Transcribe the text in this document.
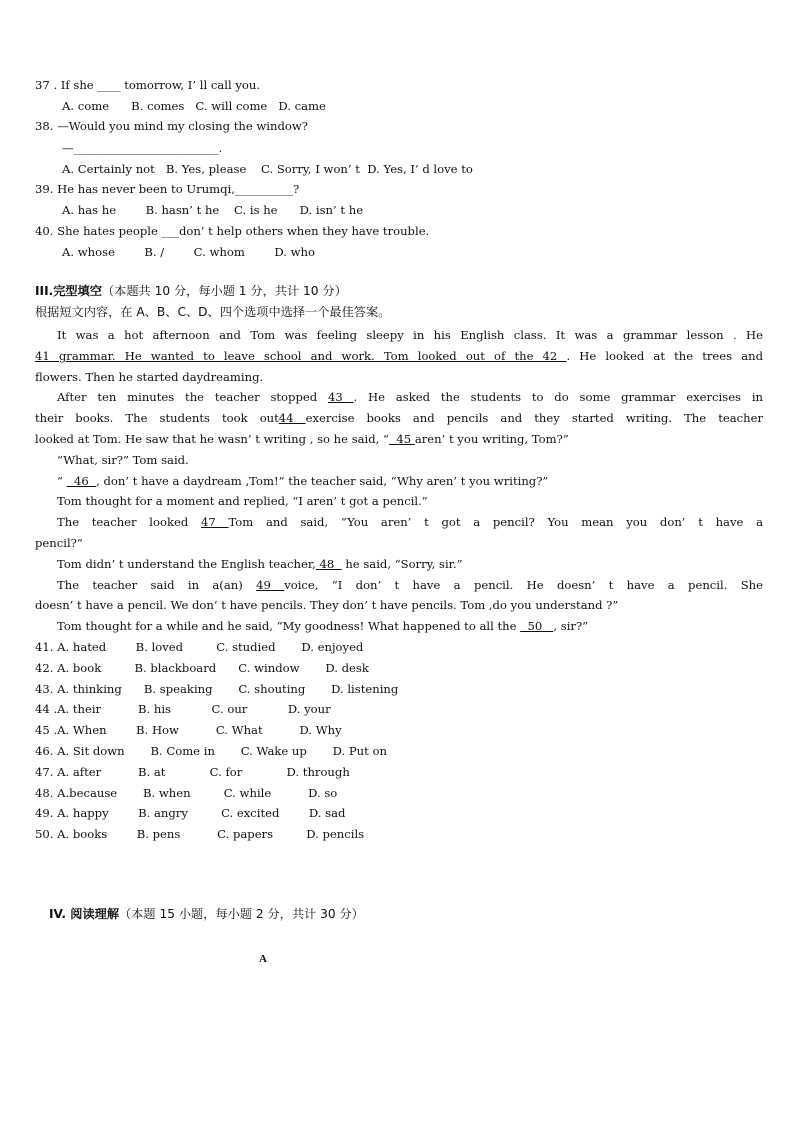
37 . If she ____ tomorrow, I’ ll call you.
A. come      B. comes   C. will come   D. came
38. —Would you mind my closing the window?
—_________________________.
A. Certainly not   B. Yes, please    C. Sorry, I won’ t  D. Yes, I’ d love to
39. He has never been to Urumqi,__________?
A. has he        B. hasn’ t he    C. is he      D. isn’ t he
40. She hates people ___don’ t help others when they have trouble.
A. whose        B. /        C. whom        D. who
III.完型填空（本题共 10 分，每小题 1 分，共计 10 分）
根据短文内容，在 A、B、C、D、四个选项中选择一个最佳答案。
It was a hot afternoon and Tom was feeling sleepy in his English class. It was a grammar lesson . He
41 grammar. He wanted to leave school and work. Tom looked out of the 42 . He looked at the trees and
flowers. Then he started daydreaming.
After ten minutes the teacher stopped 43 . He asked the students to do some grammar exercises in
their books. The students took out44 exercise books and pencils and they started writing. The teacher
looked at Tom. He saw that he wasn’ t writing , so he said, “  45 aren’ t you writing, Tom?”
“What, sir?” Tom said.
“   46  , don’ t have a daydream ,Tom!” the teacher said, “Why aren’ t you writing?”
Tom thought for a moment and replied, “I aren’ t got a pencil.”
The teacher looked 47 Tom and said, “You aren’ t got a pencil? You mean you don’ t have a
pencil?”
Tom didn’ t understand the English teacher, 48   he said, “Sorry, sir.”
The teacher said in a(an) 49 voice, “I don’ t have a pencil. He doesn’ t have a pencil. She
doesn’ t have a pencil. We don’ t have pencils. They don’ t have pencils. Tom ,do you understand ?”
Tom thought for a while and he said, “My goodness! What happened to all the   50   , sir?”
41. A. hated        B. loved         C. studied       D. enjoyed
42. A. book         B. blackboard      C. window       D. desk
43. A. thinking      B. speaking       C. shouting       D. listening
44 .A. their          B. his           C. our           D. your
45 .A. When        B. How          C. What          D. Why
46. A. Sit down       B. Come in       C. Wake up       D. Put on
47. A. after          B. at            C. for            D. through
48. A.because       B. when         C. while          D. so
49. A. happy        B. angry         C. excited        D. sad
50. A. books        B. pens          C. papers         D. pencils
IV. 阅读理解（本题 15 小题，每小题 2 分，共计 30 分）
A
